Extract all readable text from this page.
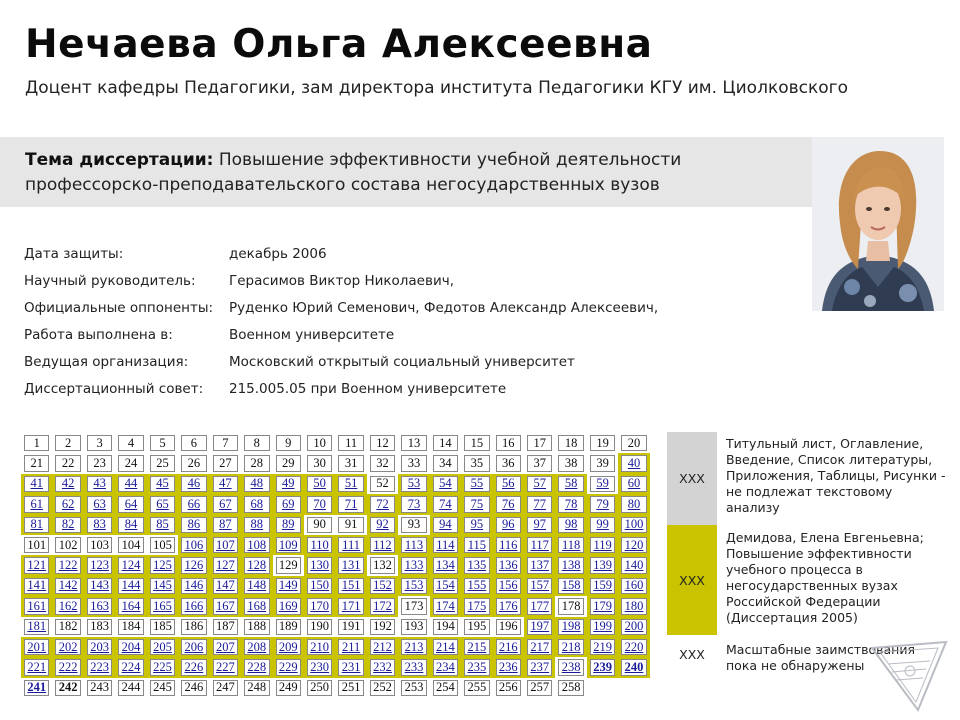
Нечаева Ольга Алексеевна
Доцент кафедры Педагогики, зам директора института Педагогики КГУ им. Циолковского
Тема диссертации: Повышение эффективности учебной деятельности профессорско-преподавательского состава негосударственных вузов
Дата защиты:	декабрь 2006
Научный руководитель:	Герасимов Виктор Николаевич,
Официальные оппоненты:	Руденко Юрий Семенович, Федотов Александр Алексеевич,
Работа выполнена в:	Военном университете
Ведущая организация:	Московский открытый социальный университет
Диссертационный совет:	215.005.05 при Военном университете
1	2	3	4	5	6	7	8	9	10	11	12	13	14	15	16	17	18	19	20
21	22	23	24	25	26	27	28	29	30	31	32	33	34	35	36	37	38	39	40
41	42	43	44	45	46	47	48	49	50	51	52	53	54	55	56	57	58	59	60
61	62	63	64	65	66	67	68	69	70	71	72	73	74	75	76	77	78	79	80
81	82	83	84	85	86	87	88	89	90	91	92	93	94	95	96	97	98	99	100
101 102 103 104 105 106 107 108 109 110	111	112 113 114 115 116 117 118 119 120
121 122 123 124 125 126 127 128 129 130 131 132 133 134 135 136 137 138 139 140
141 142 143 144 145 146 147 148 149 150 151 152 153 154 155 156 157 158 159 160
161 162 163 164 165 166 167 168 169 170 171 172 173 174 175 176 177 178 179 180
181 182 183 184 185 186 187 188 189 190 191 192 193 194 195 196 197 198 199 200
201 202 203 204 205 206 207 208 209 210 211 212 213 214 215 216 217 218 219 220
221 222 223 224 225 226 227 228 229 230 231 232 233 234 235 236 237 238 239 240
241 242 243 244 245 246 247 248 249 250 251 252 253 254 255 256 257 258
XXX
Титульный лист, Оглавление, Введение, Список литературы, Приложения, Таблицы, Рисунки - не подлежат текстовому анализу
XXX
Демидова, Елена Евгеньевна; Повышение эффективности учебного процесса в негосударственных вузах Российской Федерации (Диссертация 2005)
XXX	Масштабные заимствования пока не обнаружены
